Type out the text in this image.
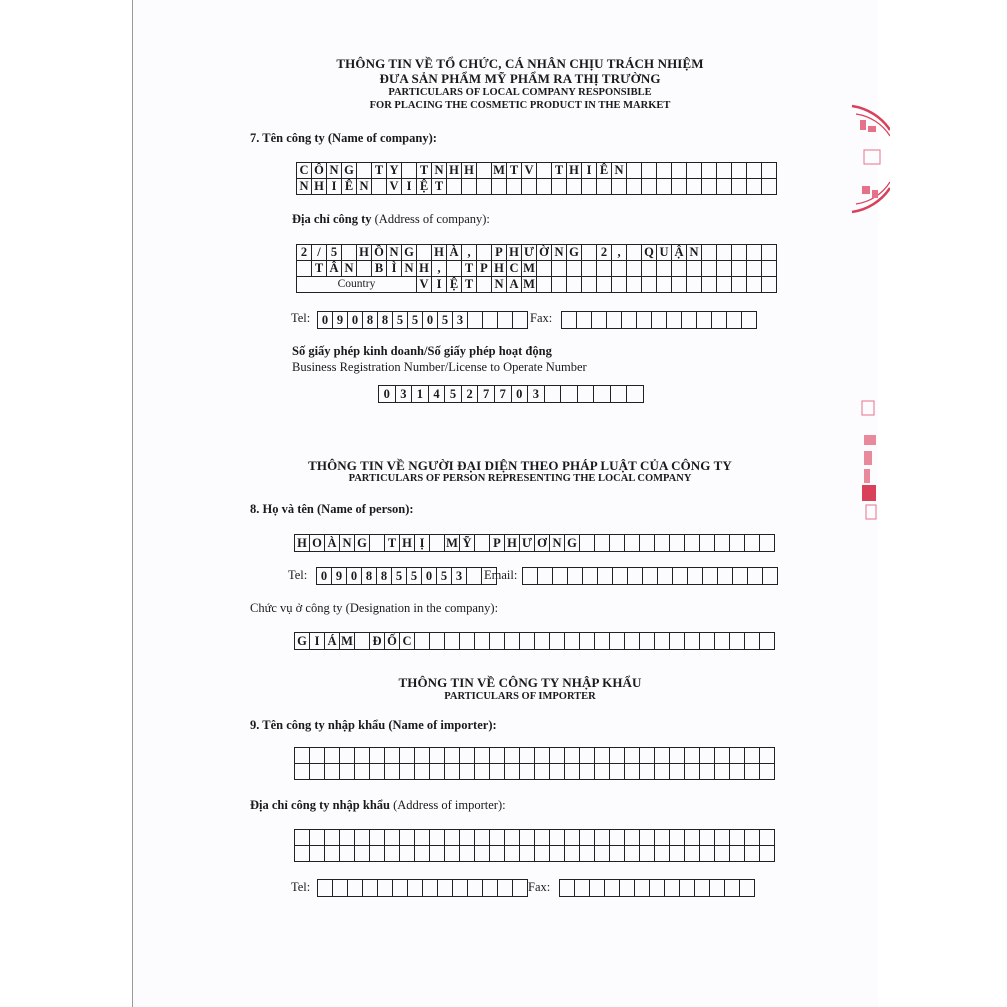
THÔNG TIN VỀ TỔ CHỨC, CÁ NHÂN CHỊU TRÁCH NHIỆM
ĐƯA SẢN PHẨM MỸ PHẨM RA THỊ TRƯỜNG
PARTICULARS OF LOCAL COMPANY RESPONSIBLE
FOR PLACING THE COSMETIC PRODUCT IN THE MARKET
7. Tên công ty (Name of company):
C	Ô	N	G		T	Y		T	N	H	H		M	T	V		T	H	I	Ê	N										
N	H	I	Ê	N		V	I	Ệ	T																						
Địa chỉ công ty (Address of company):
2	/	5		H	Ồ	N	G		H	À	,		P	H	Ư	Ờ	N	G		2	,		Q	U	Ậ	N					
	T	Â	N		B	Ì	N	H	,		T	P	H	C	M																
Country								V	I	Ệ	T		N	A	M																
Tel: 0	9	0	8	8	5	5	0	5	3					Fax:

Số giấy phép kinh doanh/Số giấy phép hoạt động
Business Registration Number/License to Operate Number
0	3	1	4	5	2	7	7	0	3						
THÔNG TIN VỀ NGƯỜI ĐẠI DIỆN THEO PHÁP LUẬT CỦA CÔNG TY
PARTICULARS OF PERSON REPRESENTING THE LOCAL COMPANY
8. Họ và tên (Name of person):
H	O	À	N	G		T	H	Ị		M	Ỹ		P	H	Ư	Ơ	N	G													
Tel: 0	9	0	8	8	5	5	0	5	3		Email:

Chức vụ ở công ty (Designation in the company):
G	I	Á	M		Đ	Ố	C																								
THÔNG TIN VỀ CÔNG TY NHẬP KHẨU
PARTICULARS OF IMPORTER
9. Tên công ty nhập khẩu (Name of importer):

Địa chỉ công ty nhập khẩu (Address of importer):

Tel:
														Fax:
